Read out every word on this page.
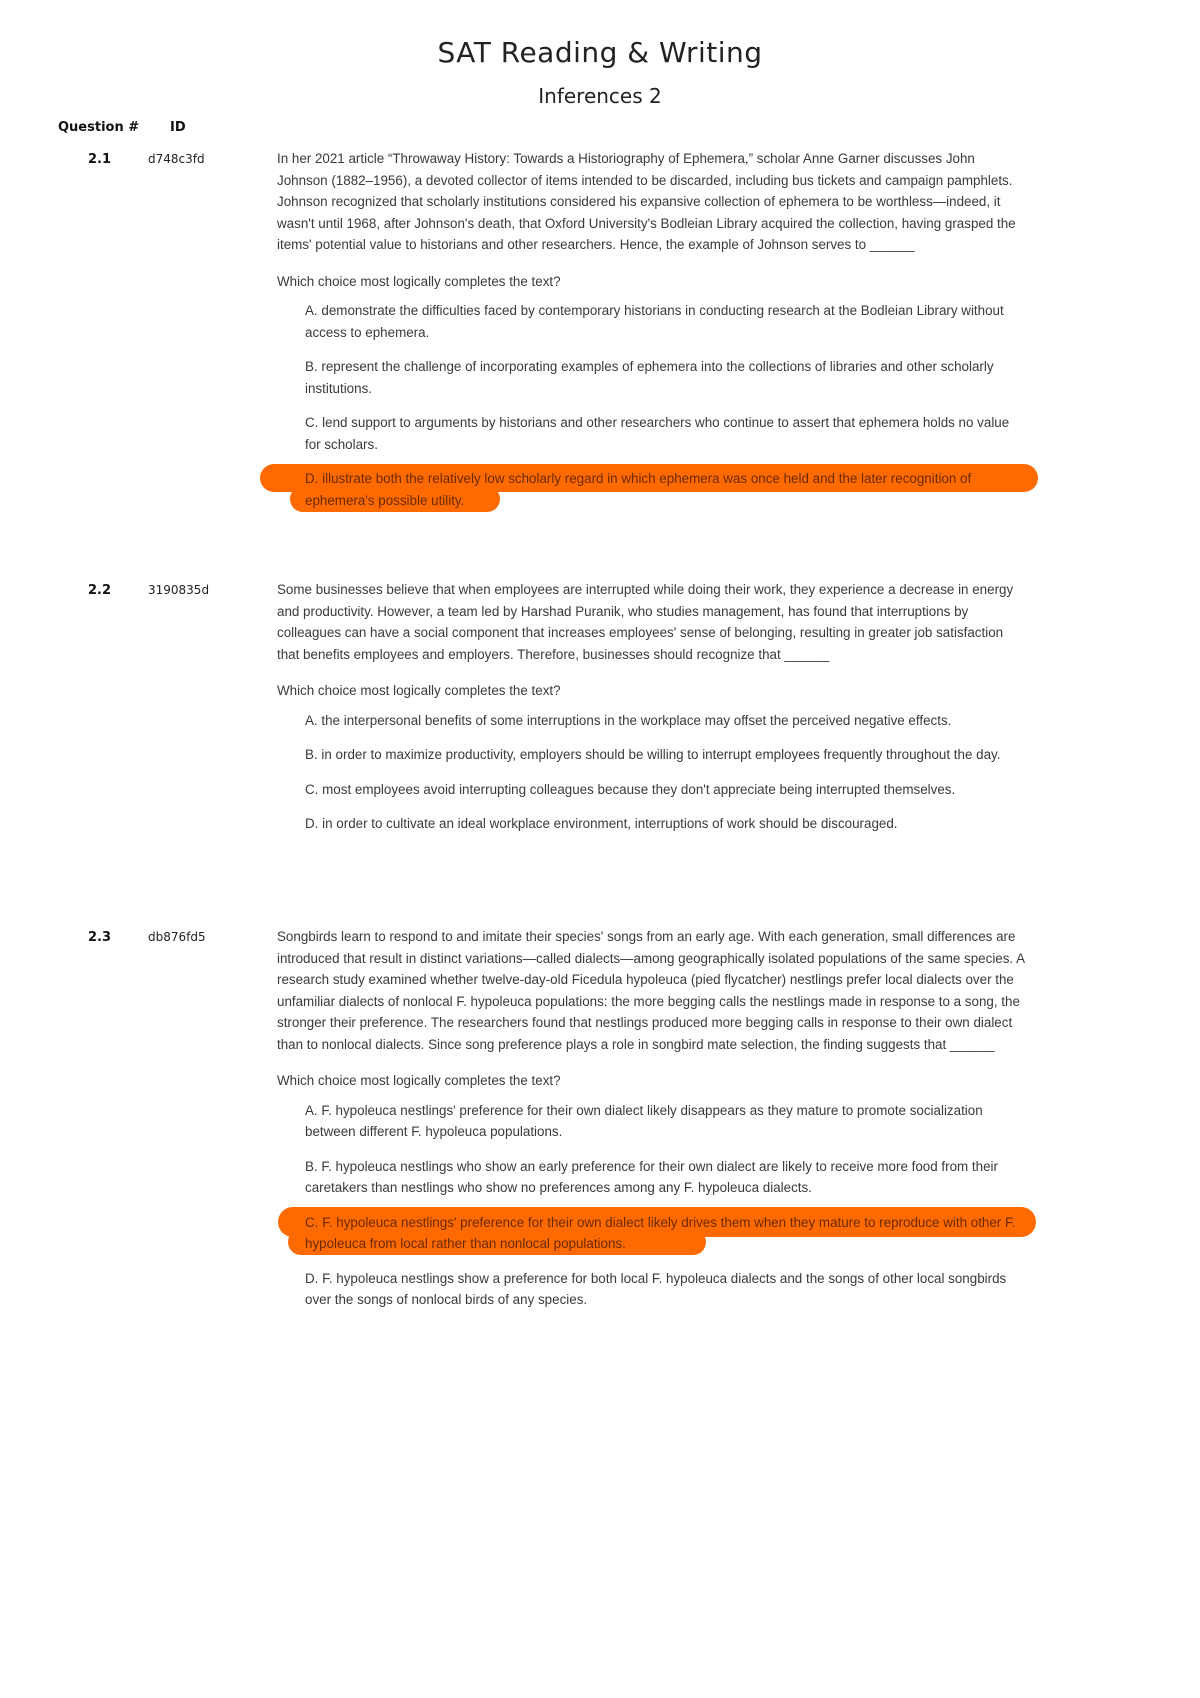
SAT Reading & Writing
Inferences 2
Question # ID
2.1	d748c3fd	In her 2021 article “Throwaway History: Towards a Historiography of Ephemera,” scholar Anne Garner discusses John Johnson (1882–1956), a devoted collector of items intended to be discarded, including bus tickets and campaign pamphlets. Johnson recognized that scholarly institutions considered his expansive collection of ephemera to be worthless—indeed, it wasn't until 1968, after Johnson's death, that Oxford University's Bodleian Library acquired the collection, having grasped the items' potential value to historians and other researchers. Hence, the example of Johnson serves to ______

Which choice most logically completes the text?

A. demonstrate the difficulties faced by contemporary historians in conducting research at the Bodleian Library without access to ephemera.
B. represent the challenge of incorporating examples of ephemera into the collections of libraries and other scholarly institutions.
C. lend support to arguments by historians and other researchers who continue to assert that ephemera holds no value for scholars.
D. illustrate both the relatively low scholarly regard in which ephemera was once held and the later recognition of ephemera's possible utility.
2.2	3190835d	Some businesses believe that when employees are interrupted while doing their work, they experience a decrease in energy and productivity. However, a team led by Harshad Puranik, who studies management, has found that interruptions by colleagues can have a social component that increases employees' sense of belonging, resulting in greater job satisfaction that benefits employees and employers. Therefore, businesses should recognize that ______

Which choice most logically completes the text?

A. the interpersonal benefits of some interruptions in the workplace may offset the perceived negative effects.
B. in order to maximize productivity, employers should be willing to interrupt employees frequently throughout the day.
C. most employees avoid interrupting colleagues because they don't appreciate being interrupted themselves.
D. in order to cultivate an ideal workplace environment, interruptions of work should be discouraged.
2.3	db876fd5	Songbirds learn to respond to and imitate their species' songs from an early age. With each generation, small differences are introduced that result in distinct variations—called dialects—among geographically isolated populations of the same species. A research study examined whether twelve-day-old Ficedula hypoleuca (pied flycatcher) nestlings prefer local dialects over the unfamiliar dialects of nonlocal F. hypoleuca populations: the more begging calls the nestlings made in response to a song, the stronger their preference. The researchers found that nestlings produced more begging calls in response to their own dialect than to nonlocal dialects. Since song preference plays a role in songbird mate selection, the finding suggests that ______

Which choice most logically completes the text?

A. F. hypoleuca nestlings' preference for their own dialect likely disappears as they mature to promote socialization between different F. hypoleuca populations.
B. F. hypoleuca nestlings who show an early preference for their own dialect are likely to receive more food from their caretakers than nestlings who show no preferences among any F. hypoleuca dialects.
C. F. hypoleuca nestlings' preference for their own dialect likely drives them when they mature to reproduce with other F. hypoleuca from local rather than nonlocal populations.
D. F. hypoleuca nestlings show a preference for both local F. hypoleuca dialects and the songs of other local songbirds over the songs of nonlocal birds of any species.
